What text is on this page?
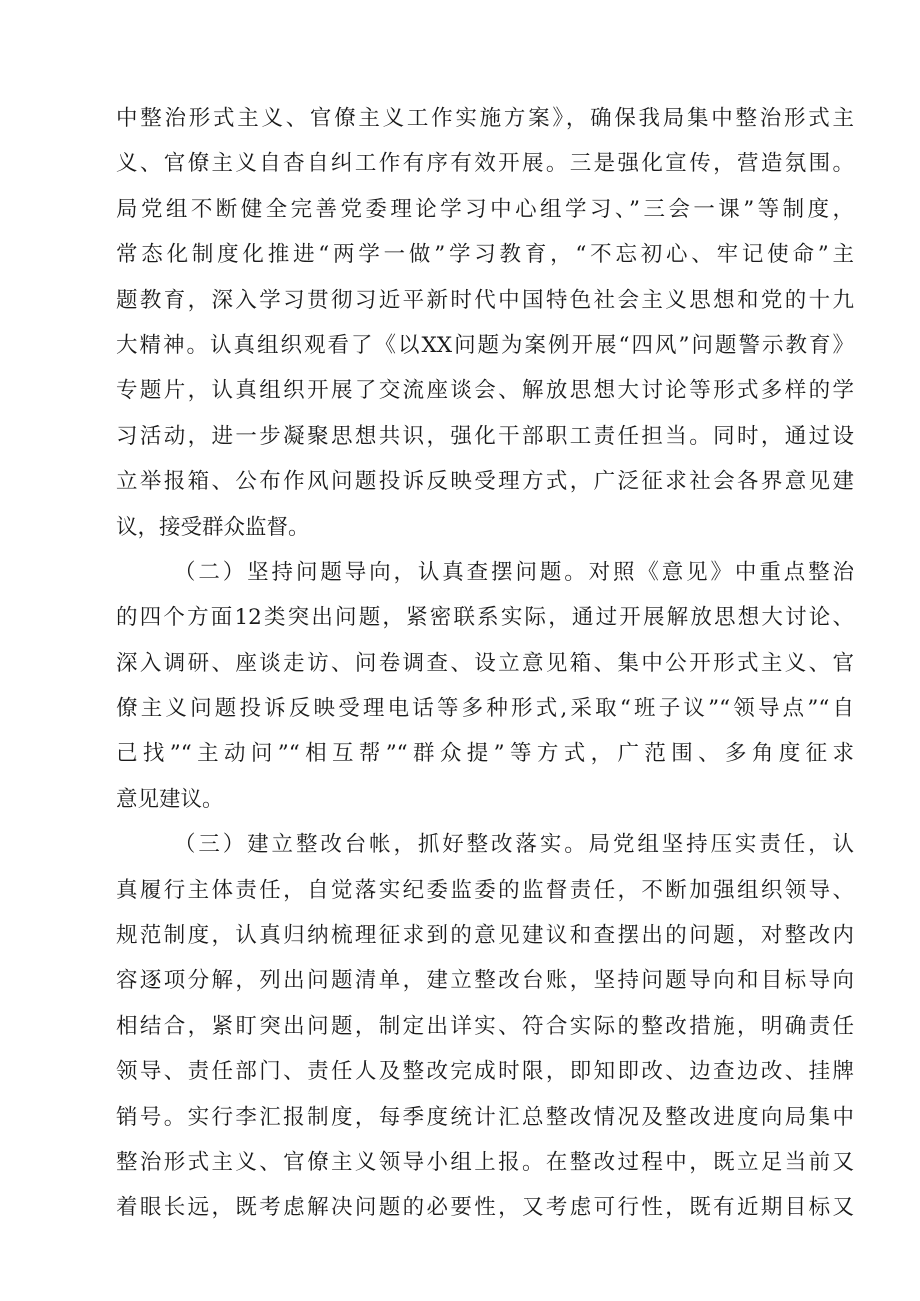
中整治形式主义、官僚主义工作实施方案》，确保我局集中整治形式主
义、官僚主义自杳自纠工作有序有效开展。三是强化宣传，营造氛围。
局党组不断健全完善党委理论学习中心组学习、”三会一课”等制度，
常态化制度化推进“两学一做”学习教育，“不忘初心、牢记使命”主
题教育，深入学习贯彻习近平新时代中国特色社会主义思想和党的十九
大精神。认真组织观看了《以XX问题为案例开展“四风”问题警示教育》
专题片，认真组织开展了交流座谈会、解放思想大讨论等形式多样的学
习活动，进一步凝聚思想共识，强化干部职工责任担当。同时，通过设
立举报箱、公布作风问题投诉反映受理方式，广泛征求社会各界意见建
议，接受群众监督。
（二）坚持问题导向，认真查摆问题。对照《意见》中重点整治
的四个方面12类突出问题，紧密联系实际，通过开展解放思想大讨论、
深入调研、座谈走访、问卷调查、设立意见箱、集中公开形式主义、官
僚主义问题投诉反映受理电话等多种形式,采取“班子议”“领导点”“自
己找”“主动问”“相互帮”“群众提”等方式，广范围、多角度征求
意见建议。
（三）建立整改台帐，抓好整改落实。局党组坚持压实责任，认
真履行主体责任，自觉落实纪委监委的监督责任，不断加强组织领导、
规范制度，认真归纳梳理征求到的意见建议和查摆出的问题，对整改内
容逐项分解，列出问题清单，建立整改台账，坚持问题导向和目标导向
相结合，紧盯突出问题，制定出详实、符合实际的整改措施，明确责任
领导、责任部门、责任人及整改完成时限，即知即改、边查边改、挂牌
销号。实行李汇报制度，每季度统计汇总整改情况及整改进度向局集中
整治形式主义、官僚主义领导小组上报。在整改过程中，既立足当前又
着眼长远，既考虑解决问题的必要性，又考虑可行性，既有近期目标又
